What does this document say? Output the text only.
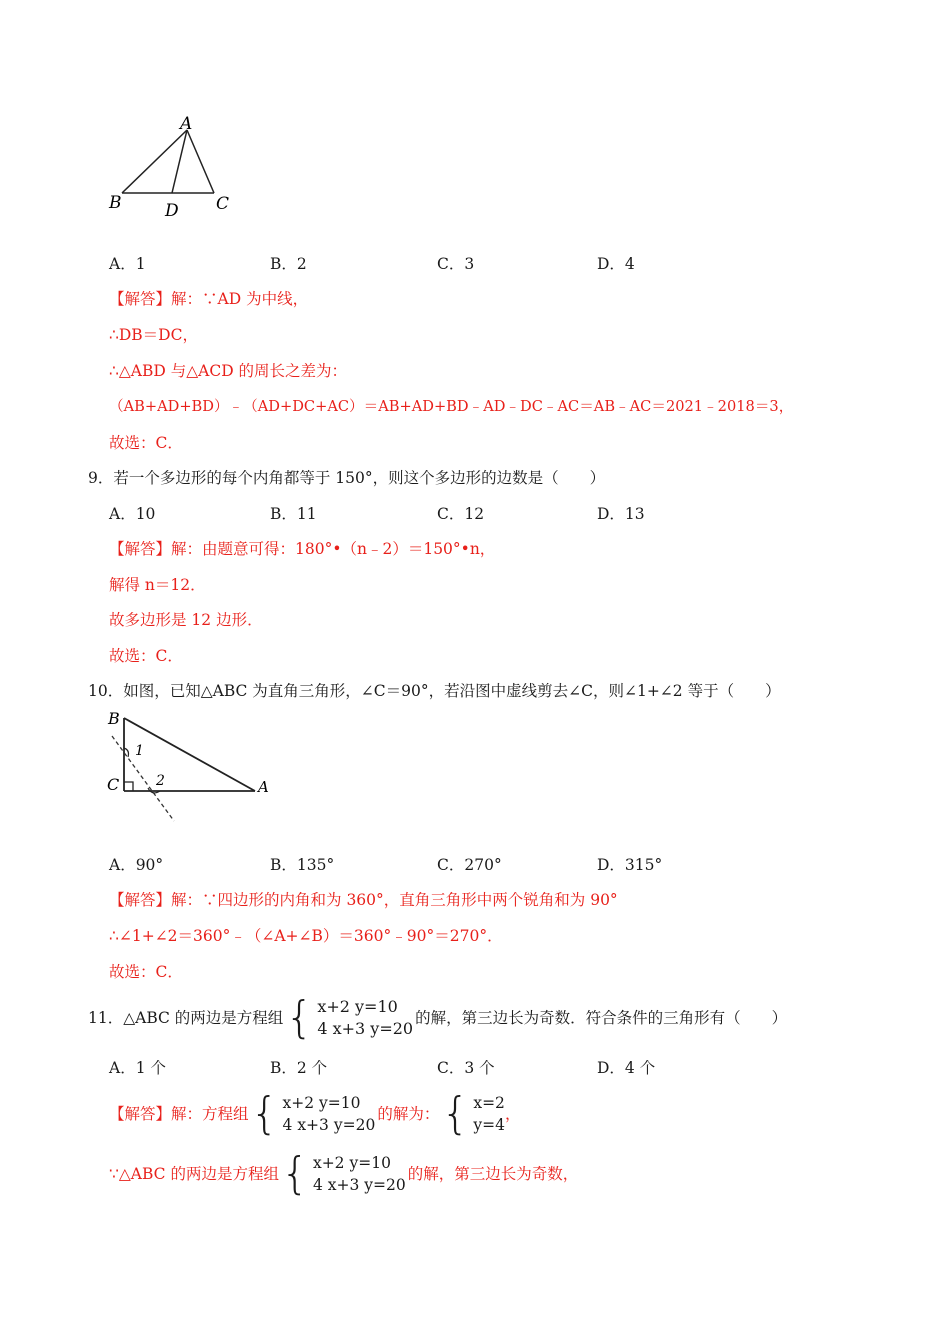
A
B	D C
A．1	B．2	C．3	D．4
【解答】解：∵AD 为中线，
∴DB＝DC，
∴△ABD 与△ACD 的周长之差为：
（AB+AD+BD）﹣（AD+DC+AC）＝AB+AD+BD﹣AD﹣DC﹣AC＝AB﹣AC＝2021﹣2018＝3，
故选：C．
9．若一个多边形的每个内角都等于 150°，则这个多边形的边数是（　　）
A．10	B．11	C．12	D．13
【解答】解：由题意可得：180°•（n﹣2）＝150°•n，
解得 n＝12．
故多边形是 12 边形．
故选：C．
10．如图，已知△ABC 为直角三角形，∠C＝90°，若沿图中虚线剪去∠C，则∠1+∠2 等于（　　）
B
C	A
1
2
A．90°	B．135°	C．270°	D．315°
【解答】解：∵四边形的内角和为 360°，直角三角形中两个锐角和为 90°
∴∠1+∠2＝360°﹣（∠A+∠B）＝360°﹣90°＝270°．
故选：C．
11．△ABC 的两边是方程组 { x+2 y=10
4 x+3 y=20
的解，第三边长为奇数．符合条件的三角形有（　　）
A．1 个	B．2 个	C．3 个	D．4 个
【解答】 解：方程组 { x+2 y=10
4 x+3 y=20
的解为： { x=2
y=4
，
∵△ABC 的两边是方程组 { x+2 y=10
4 x+3 y=20
的解，第三边长为奇数，
